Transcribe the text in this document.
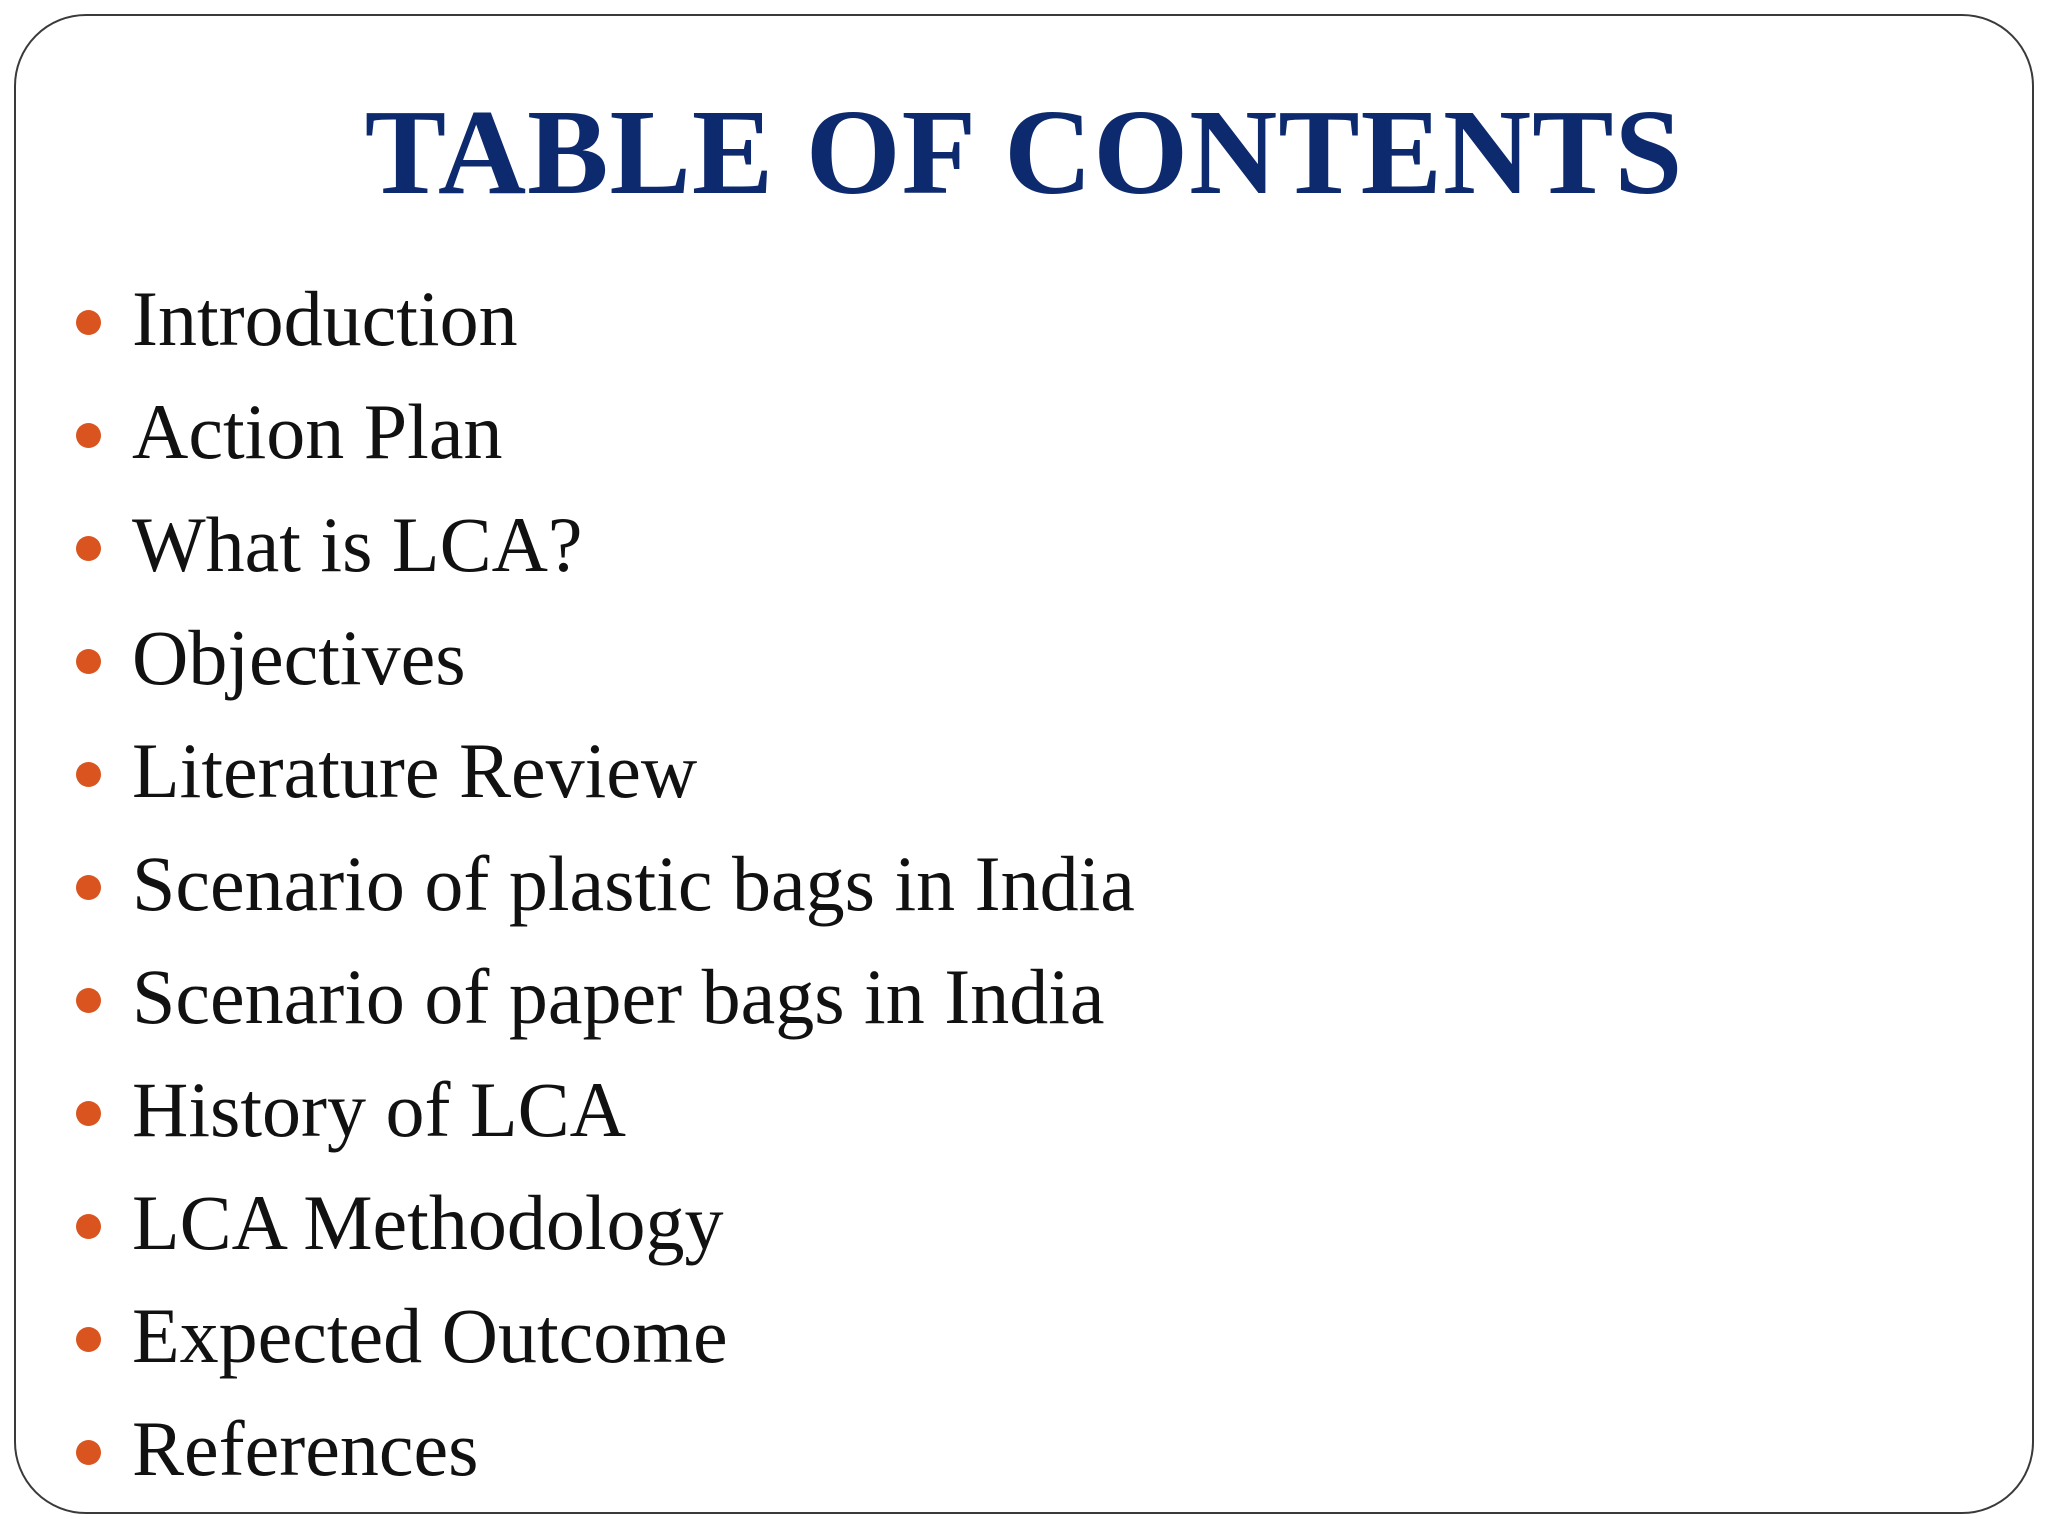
TABLE OF CONTENTS
Introduction
Action Plan
What is LCA?
Objectives
Literature Review
Scenario of plastic bags in India
Scenario of paper bags in India
History of LCA
LCA Methodology
Expected Outcome
References
